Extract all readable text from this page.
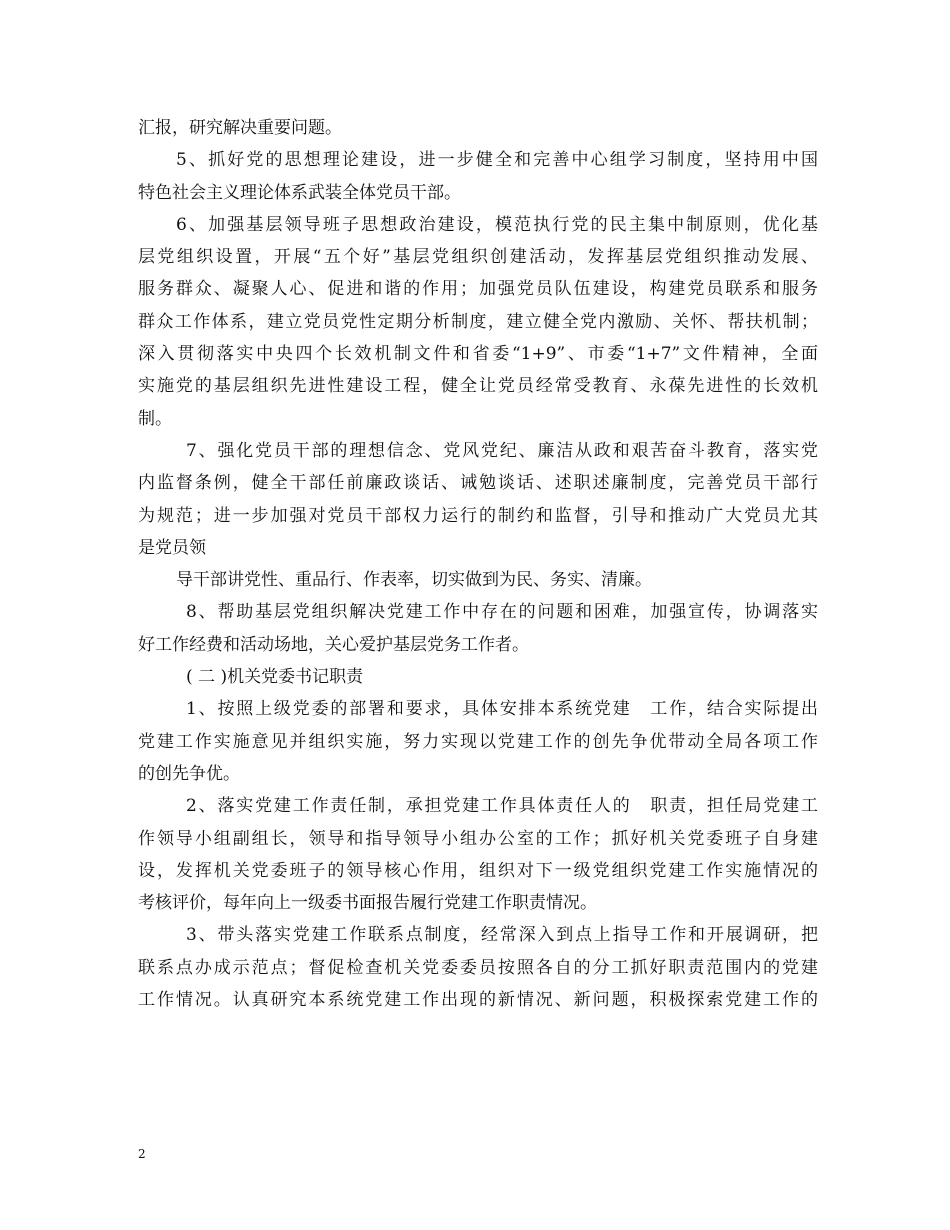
汇报，研究解决重要问题。
5、抓好党的思想理论建设，进一步健全和完善中心组学习制度，坚持用中国
特色社会主义理论体系武装全体党员干部。
6、加强基层领导班子思想政治建设，模范执行党的民主集中制原则，优化基
层党组织设置，开展“五个好”基层党组织创建活动，发挥基层党组织推动发展、
服务群众、凝聚人心、促进和谐的作用；加强党员队伍建设，构建党员联系和服务
群众工作体系，建立党员党性定期分析制度，建立健全党内激励、关怀、帮扶机制；
深入贯彻落实中央四个长效机制文件和省委“1+9”、市委“1+7”文件精神，全面
实施党的基层组织先进性建设工程，健全让党员经常受教育、永葆先进性的长效机
制。
7、强化党员干部的理想信念、党风党纪、廉洁从政和艰苦奋斗教育，落实党
内监督条例，健全干部任前廉政谈话、诫勉谈话、述职述廉制度，完善党员干部行
为规范；进一步加强对党员干部权力运行的制约和监督，引导和推动广大党员尤其
是党员领
导干部讲党性、重品行、作表率，切实做到为民、务实、清廉。
8、帮助基层党组织解决党建工作中存在的问题和困难，加强宣传，协调落实
好工作经费和活动场地，关心爱护基层党务工作者。
( 二 )机关党委书记职责
1、按照上级党委的部署和要求，具体安排本系统党建　工作，结合实际提出
党建工作实施意见并组织实施，努力实现以党建工作的创先争优带动全局各项工作
的创先争优。
2、落实党建工作责任制，承担党建工作具体责任人的　职责，担任局党建工
作领导小组副组长，领导和指导领导小组办公室的工作；抓好机关党委班子自身建
设，发挥机关党委班子的领导核心作用，组织对下一级党组织党建工作实施情况的
考核评价，每年向上一级委书面报告履行党建工作职责情况。
3、带头落实党建工作联系点制度，经常深入到点上指导工作和开展调研，把
联系点办成示范点；督促检查机关党委委员按照各自的分工抓好职责范围内的党建
工作情况。认真研究本系统党建工作出现的新情况、新问题，积极探索党建工作的
2
